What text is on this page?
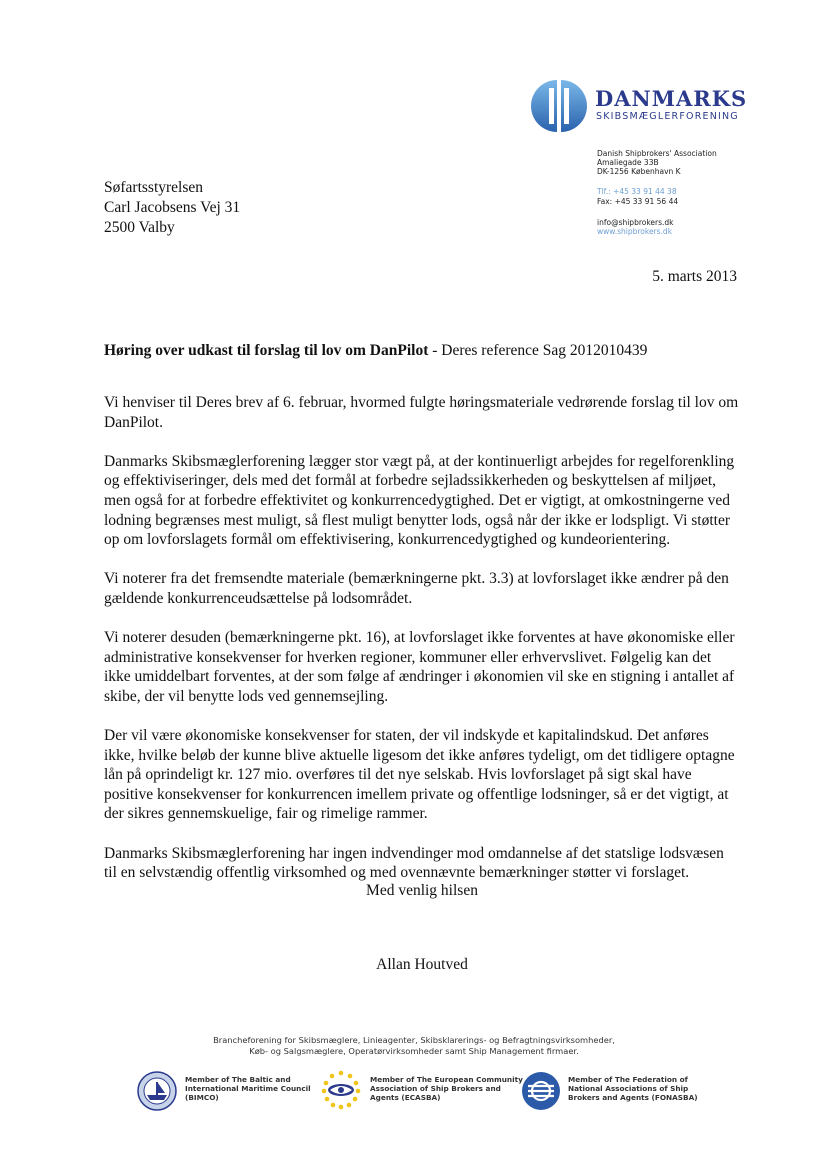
DANMARKS
SKIBSMÆGLERFORENING
Danish Shipbrokers' Association
Amaliegade 33B
DK-1256 København K
Tlf.: +45 33 91 44 38
Fax: +45 33 91 56 44
info@shipbrokers.dk
www.shipbrokers.dk
Søfartsstyrelsen
Carl Jacobsens Vej 31
2500 Valby
5. marts 2013
Høring over udkast til forslag til lov om DanPilot - Deres reference Sag 2012010439

Vi henviser til Deres brev af 6. februar, hvormed fulgte høringsmateriale vedrørende forslag til lov om DanPilot.

Danmarks Skibsmæglerforening lægger stor vægt på, at der kontinuerligt arbejdes for regelforenkling og effektiviseringer, dels med det formål at forbedre sejladssikkerheden og beskyttelsen af miljøet, men også for at forbedre effektivitet og konkurrencedygtighed. Det er vigtigt, at omkostningerne ved lodning begrænses mest muligt, så flest muligt benytter lods, også når der ikke er lodspligt. Vi støtter op om lovforslagets formål om effektivisering, konkurrencedygtighed og kundeorientering.

Vi noterer fra det fremsendte materiale (bemærkningerne pkt. 3.3) at lovforslaget ikke ændrer på den gældende konkurrenceudsættelse på lodsområdet.

Vi noterer desuden (bemærkningerne pkt. 16), at lovforslaget ikke forventes at have økonomiske eller administrative konsekvenser for hverken regioner, kommuner eller erhvervslivet. Følgelig kan det ikke umiddelbart forventes, at der som følge af ændringer i økonomien vil ske en stigning i antallet af skibe, der vil benytte lods ved gennemsejling.

Der vil være økonomiske konsekvenser for staten, der vil indskyde et kapitalindskud. Det anføres ikke, hvilke beløb der kunne blive aktuelle ligesom det ikke anføres tydeligt, om det tidligere optagne lån på oprindeligt kr. 127 mio. overføres til det nye selskab. Hvis lovforslaget på sigt skal have positive konsekvenser for konkurrencen imellem private og offentlige lodsninger, så er det vigtigt, at der sikres gennemskuelige, fair og rimelige rammer.

Danmarks Skibsmæglerforening har ingen indvendinger mod omdannelse af det statslige lodsvæsen til en selvstændig offentlig virksomhed og med ovennævnte bemærkninger støtter vi forslaget.

Med venlig hilsen
Allan Houtved
Brancheforening for Skibsmæglere, Linieagenter, Skibsklarerings- og Befragtningsvirksomheder,
Køb- og Salgsmæglere, Operatørvirksomheder samt Ship Management firmaer.
Member of The Baltic and
International Maritime Council
(BIMCO)
Member of The European Community
Association of Ship Brokers and
Agents (ECASBA)
Member of The Federation of
National Associations of Ship
Brokers and Agents (FONASBA)
